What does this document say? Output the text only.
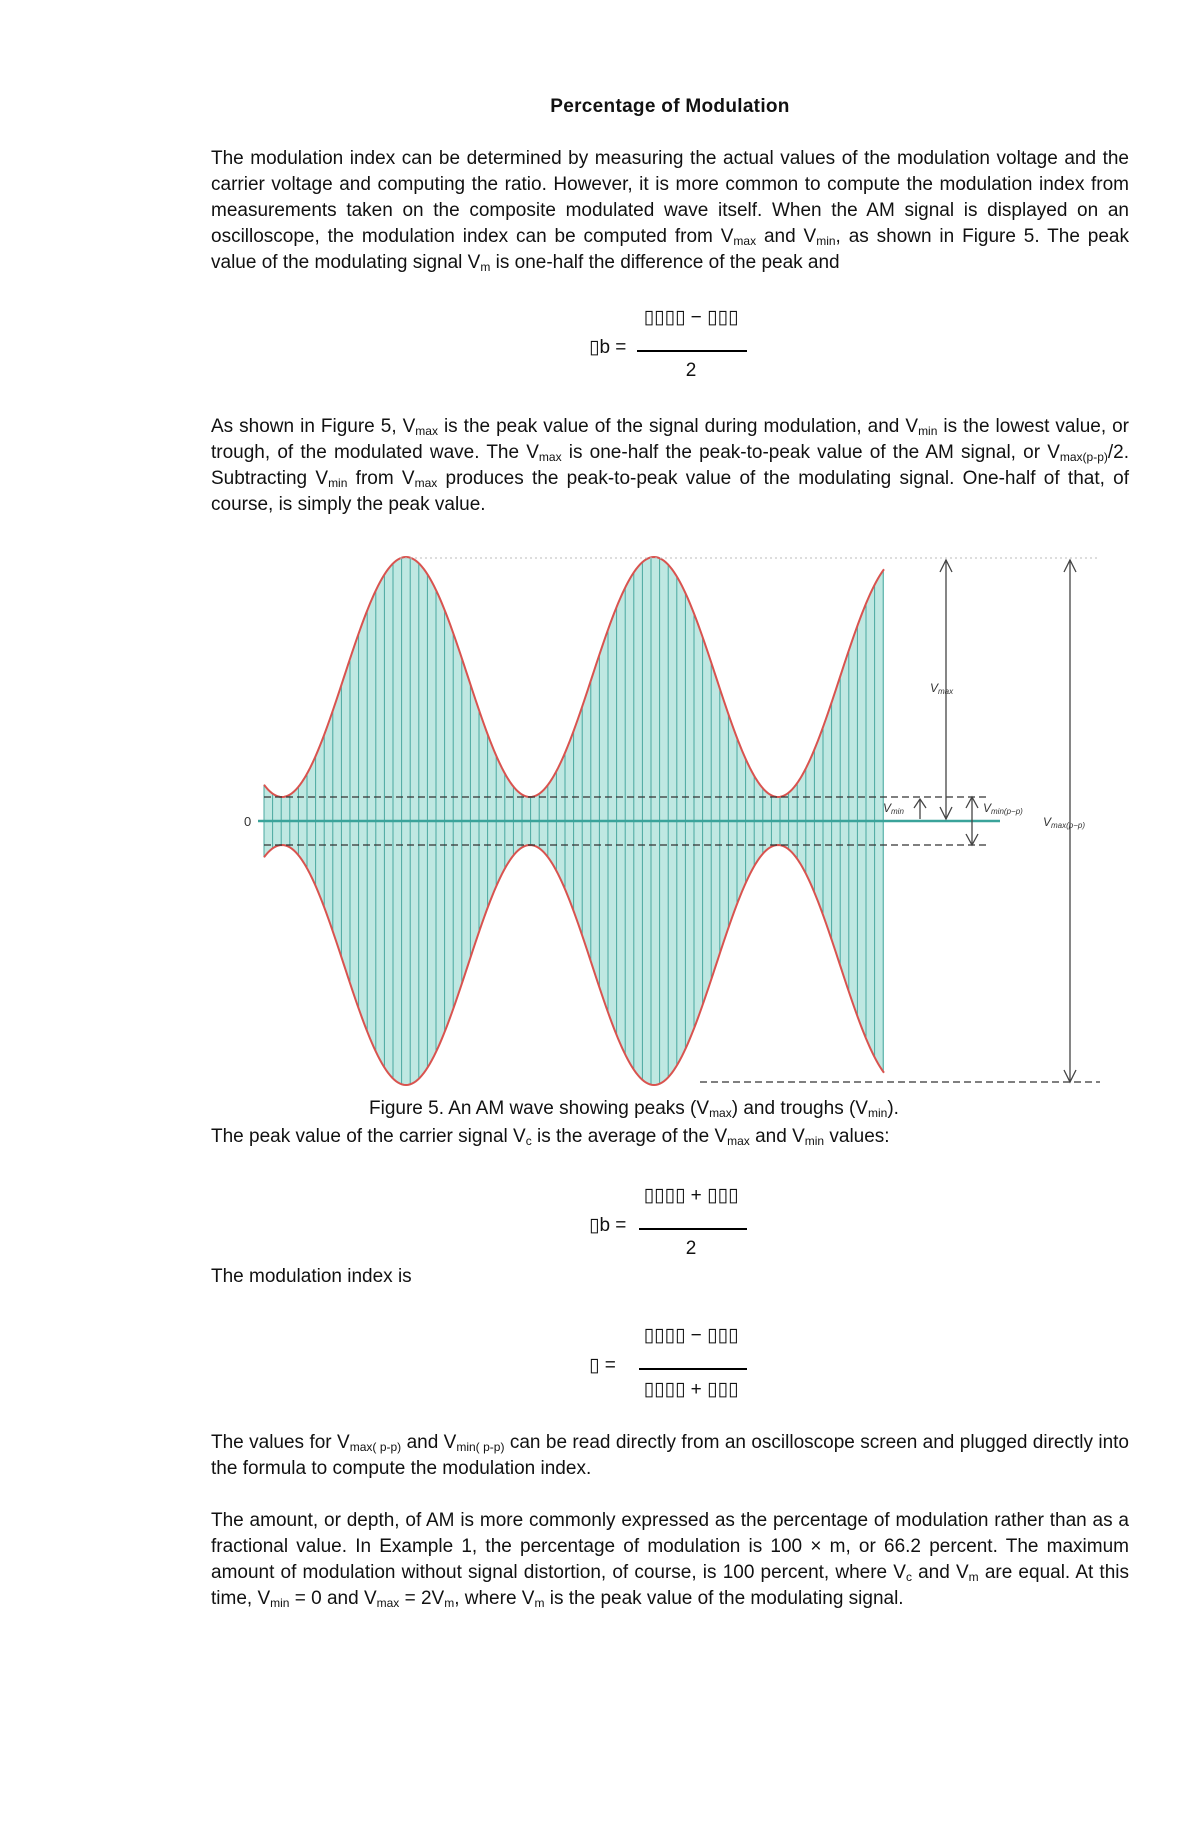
Percentage of Modulation

The modulation index can be determined by measuring the actual values of the modulation voltage and the carrier voltage and computing the ratio. However, it is more common to compute the modulation index from measurements taken on the composite modulated wave itself. When the AM signal is displayed on an oscilloscope, the modulation index can be computed from $V_{max}$ and $V_{min}$, as shown in Figure 5. The peak value of the modulating signal $V_m$ is one-half the difference of the peak and

▯b =
▯▯▯▯ − ▯▯▯
2

As shown in Figure 5, $V_{max}$ is the peak value of the signal during modulation, and $V_{min}$ is the lowest value, or trough, of the modulated wave. The $V_{max}$ is one-half the peak-to-peak value of the AM signal, or $V_{max(p-p)}/2$. Subtracting $V_{min}$ from $V_{max}$ produces the peak-to-peak value of the modulating signal. One-half of that, of course, is simply the peak value.

0
Vmax
Vmin	Vmin(p−p)
Vmax(p−p)
Figure 5. An AM wave showing peaks $(V_{max})$ and troughs $(V_{min})$.

The peak value of the carrier signal $V_c$ is the average of the $V_{max}$ and $V_{min}$ values:

▯b =
▯▯▯▯ + ▯▯▯
2

The modulation index is

▯ =
▯▯▯▯ − ▯▯▯
▯▯▯▯ + ▯▯▯

The values for $V_{max( p-p)}$ and $V_{min( p-p)}$ can be read directly from an oscilloscope screen and plugged directly into the formula to compute the modulation index.

The amount, or depth, of AM is more commonly expressed as the percentage of modulation rather than as a fractional value. In Example 1, the percentage of modulation is 100 × m, or 66.2 percent. The maximum amount of modulation without signal distortion, of course, is 100 percent, where $V_c$ and $V_m$ are equal. At this time, $V_{min} = 0$ and $V_{max} = 2V_m$, where $V_m$ is the peak value of the modulating signal.
